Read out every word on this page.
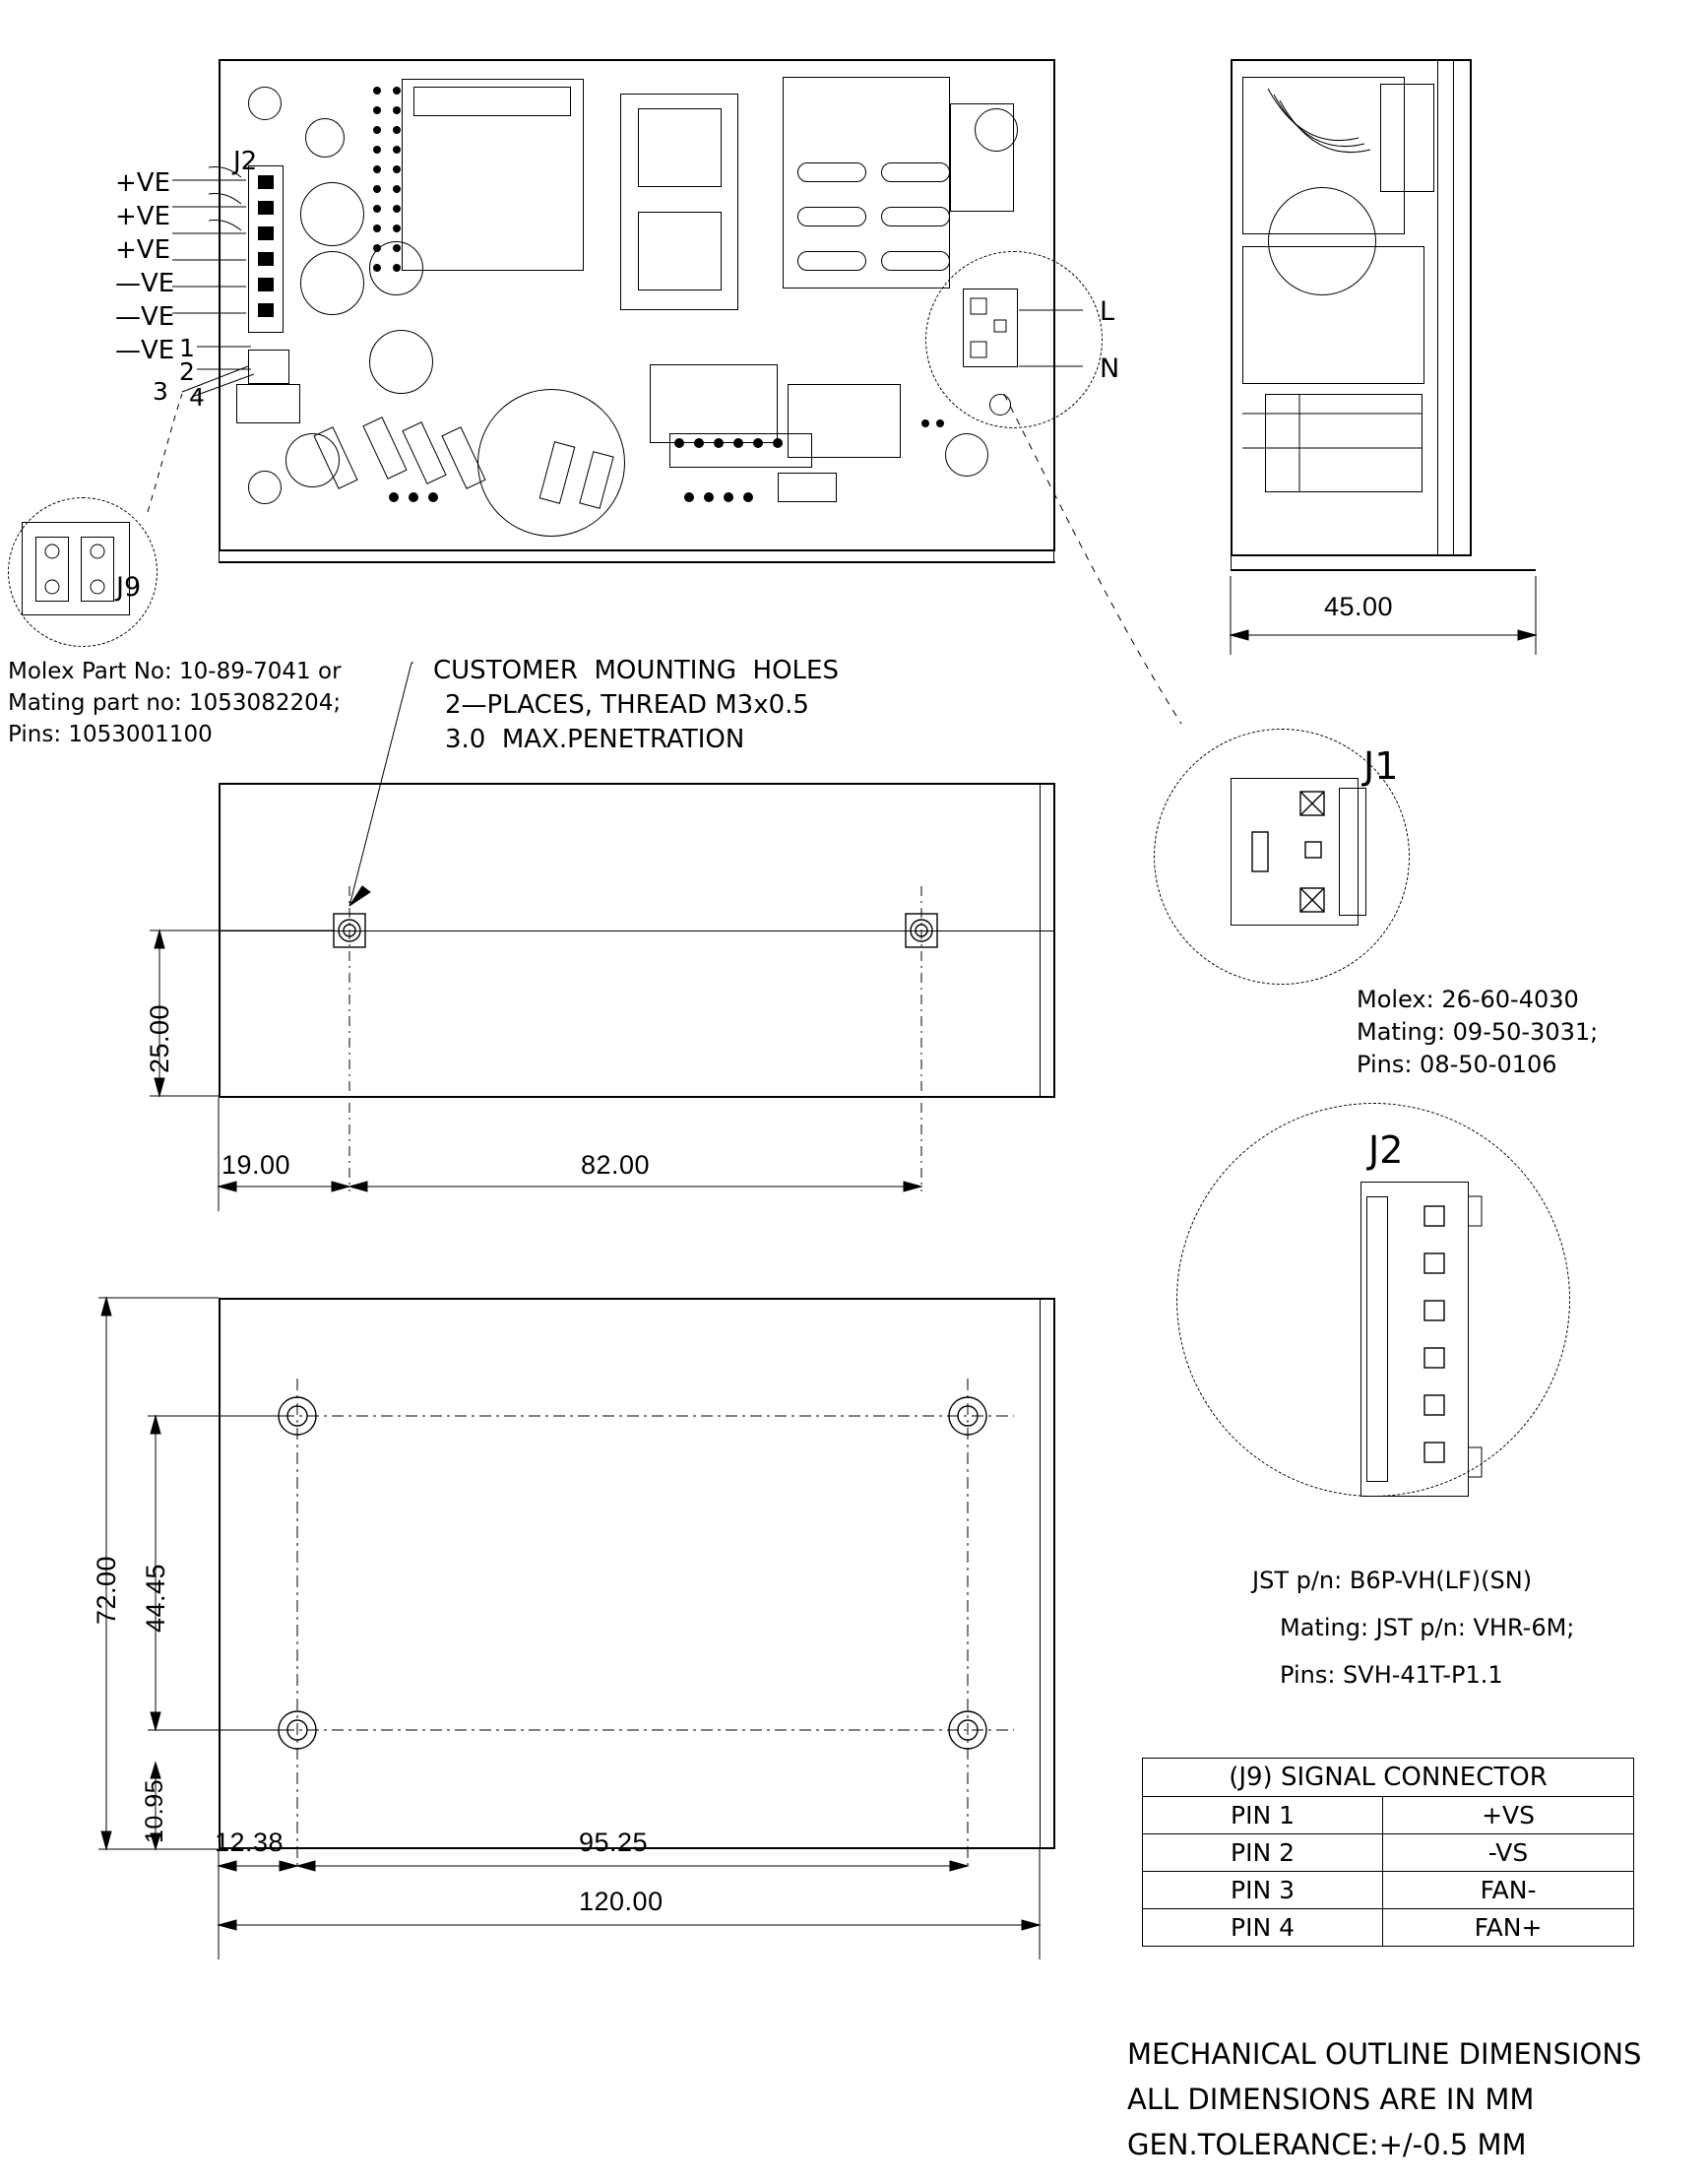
J2
+VE
+VE
+VE
—VE
—VE
—VE 1
2
3 4
L
N
J9
Molex Part No: 10-89-7041 or
Mating part no: 1053082204;
Pins: 1053001100
45.00
CUSTOMER  MOUNTING  HOLES
2—PLACES, THREAD M3x0.5
3.0  MAX.PENETRATION
25.00
19.00	82.00
72.00 44.45
10.95 12.38	95.25
120.00
J1
Molex: 26-60-4030
Mating: 09-50-3031;
Pins: 08-50-0106
J2
JST p/n: B6P-VH(LF)(SN)
Mating: JST p/n: VHR-6M;
Pins: SVH-41T-P1.1
(J9) SIGNAL CONNECTOR	
PIN 1	+VS
PIN 2	-VS
PIN 3	FAN-
PIN 4	FAN+
MECHANICAL OUTLINE DIMENSIONS
ALL DIMENSIONS ARE IN MM
GEN.TOLERANCE:+/-0.5 MM
